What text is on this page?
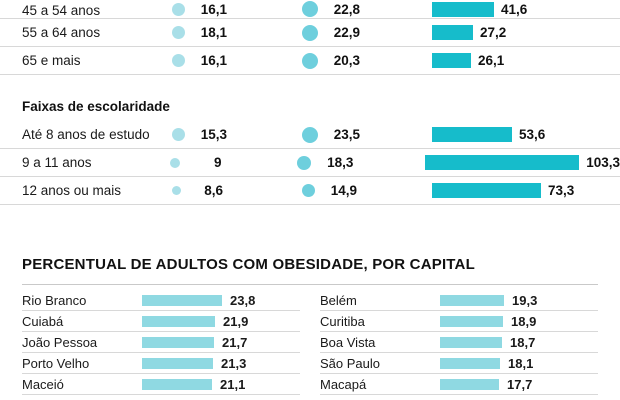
45 a 54 anos	16,1	22,8	41,6
55 a 64 anos	18,1	22,9	27,2
65 e mais	16,1	20,3	26,1
Faixas de escolaridade
Até 8 anos de estudo	15,3	23,5	53,6
9 a 11 anos	9	18,3	103,3
12 anos ou mais	8,6	14,9	73,3
PERCENTUAL DE ADULTOS COM OBESIDADE, POR CAPITAL
Rio Branco	23,8
Cuiabá	21,9
João Pessoa	21,7
Porto Velho	21,3
Maceió	21,1
Belém	19,3
Curitiba	18,9
Boa Vista	18,7
São Paulo	18,1
Macapá	17,7
